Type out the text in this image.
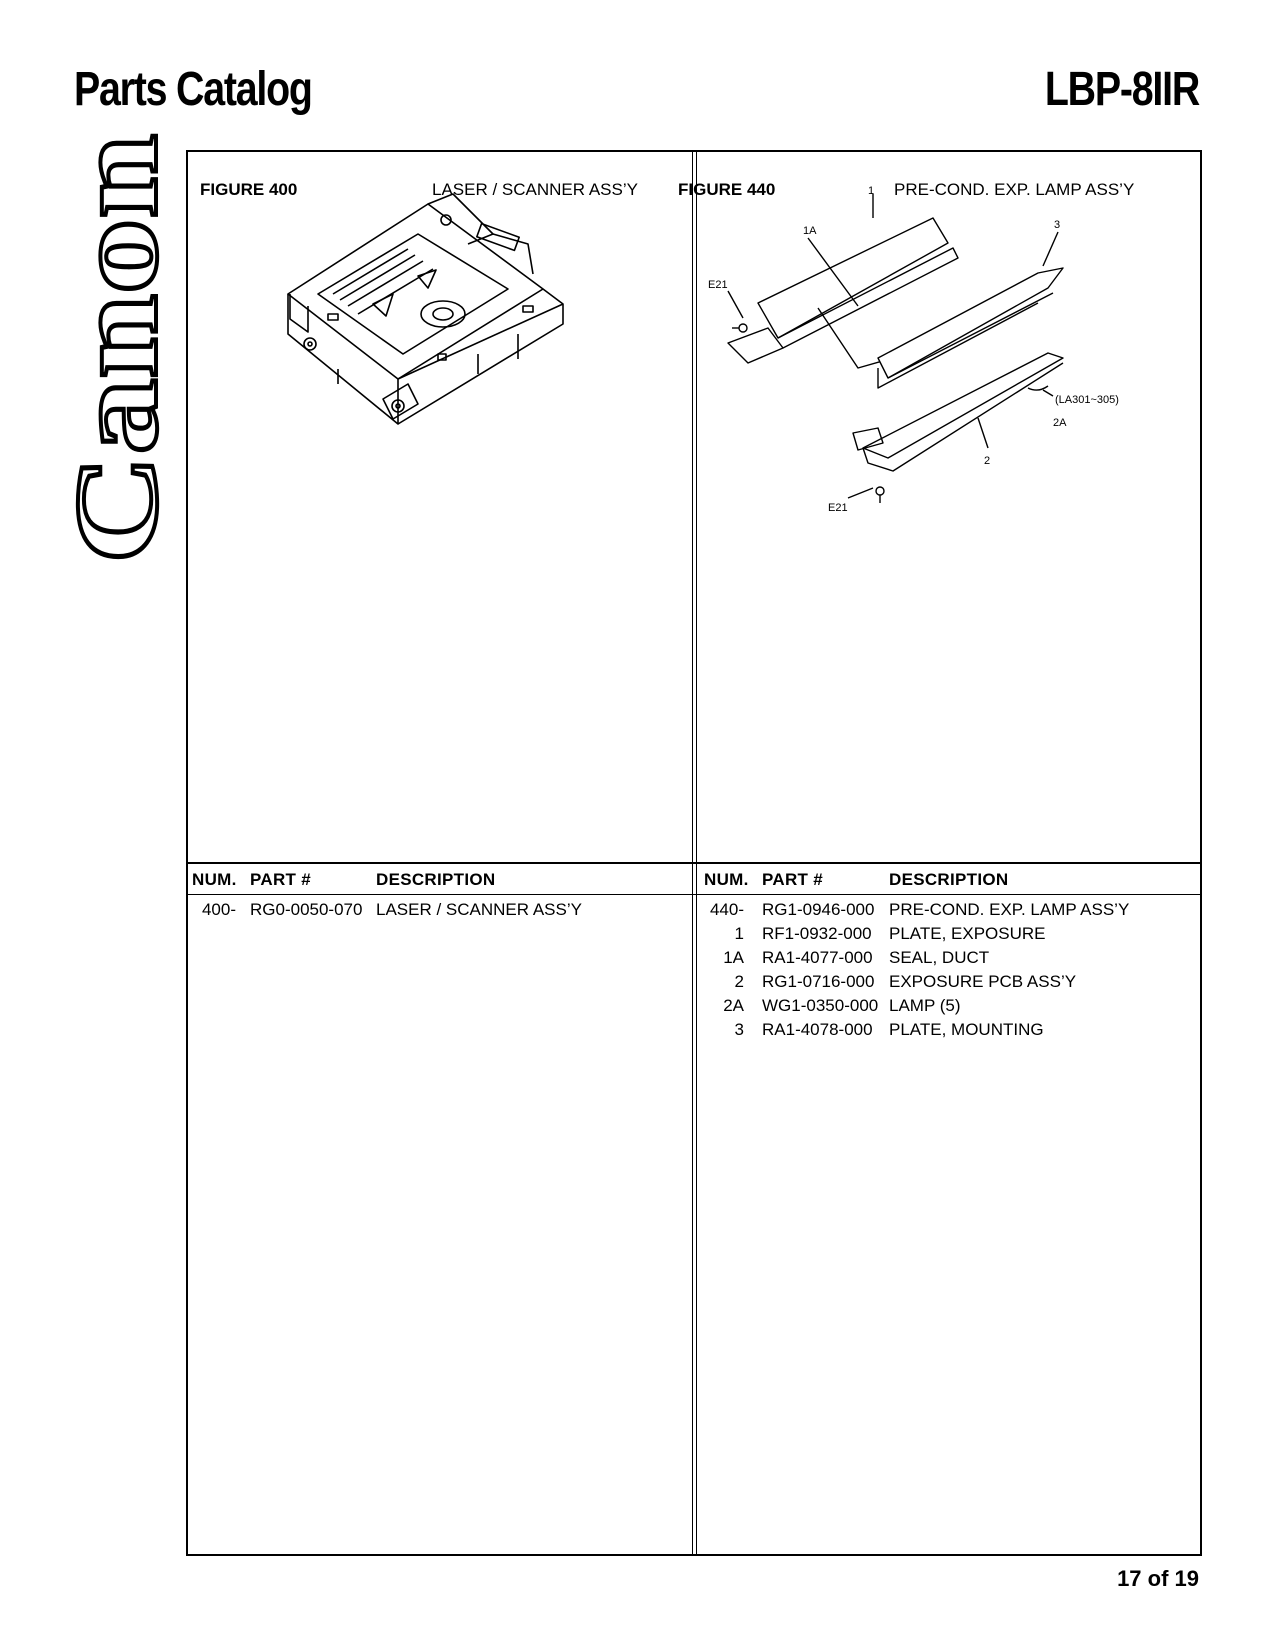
Parts Catalog	LBP-8IIR
Canon
FIGURE 400	LASER / SCANNER ASS’Y FIGURE 440	PRE-COND. EXP. LAMP ASS’Y
1
1A	3
E21
(LA301~305)
2A
2
E21
NUM. PART #	DESCRIPTION	NUM. PART #	DESCRIPTION
400- RG0-0050-070 LASER / SCANNER ASS’Y	440- RG1-0946-000 PRE-COND. EXP. LAMP ASS’Y
1 RF1-0932-000 PLATE, EXPOSURE
1A RA1-4077-000 SEAL, DUCT
2 RG1-0716-000 EXPOSURE PCB ASS’Y
2A WG1-0350-000 LAMP (5)
3 RA1-4078-000 PLATE, MOUNTING
17 of 19
